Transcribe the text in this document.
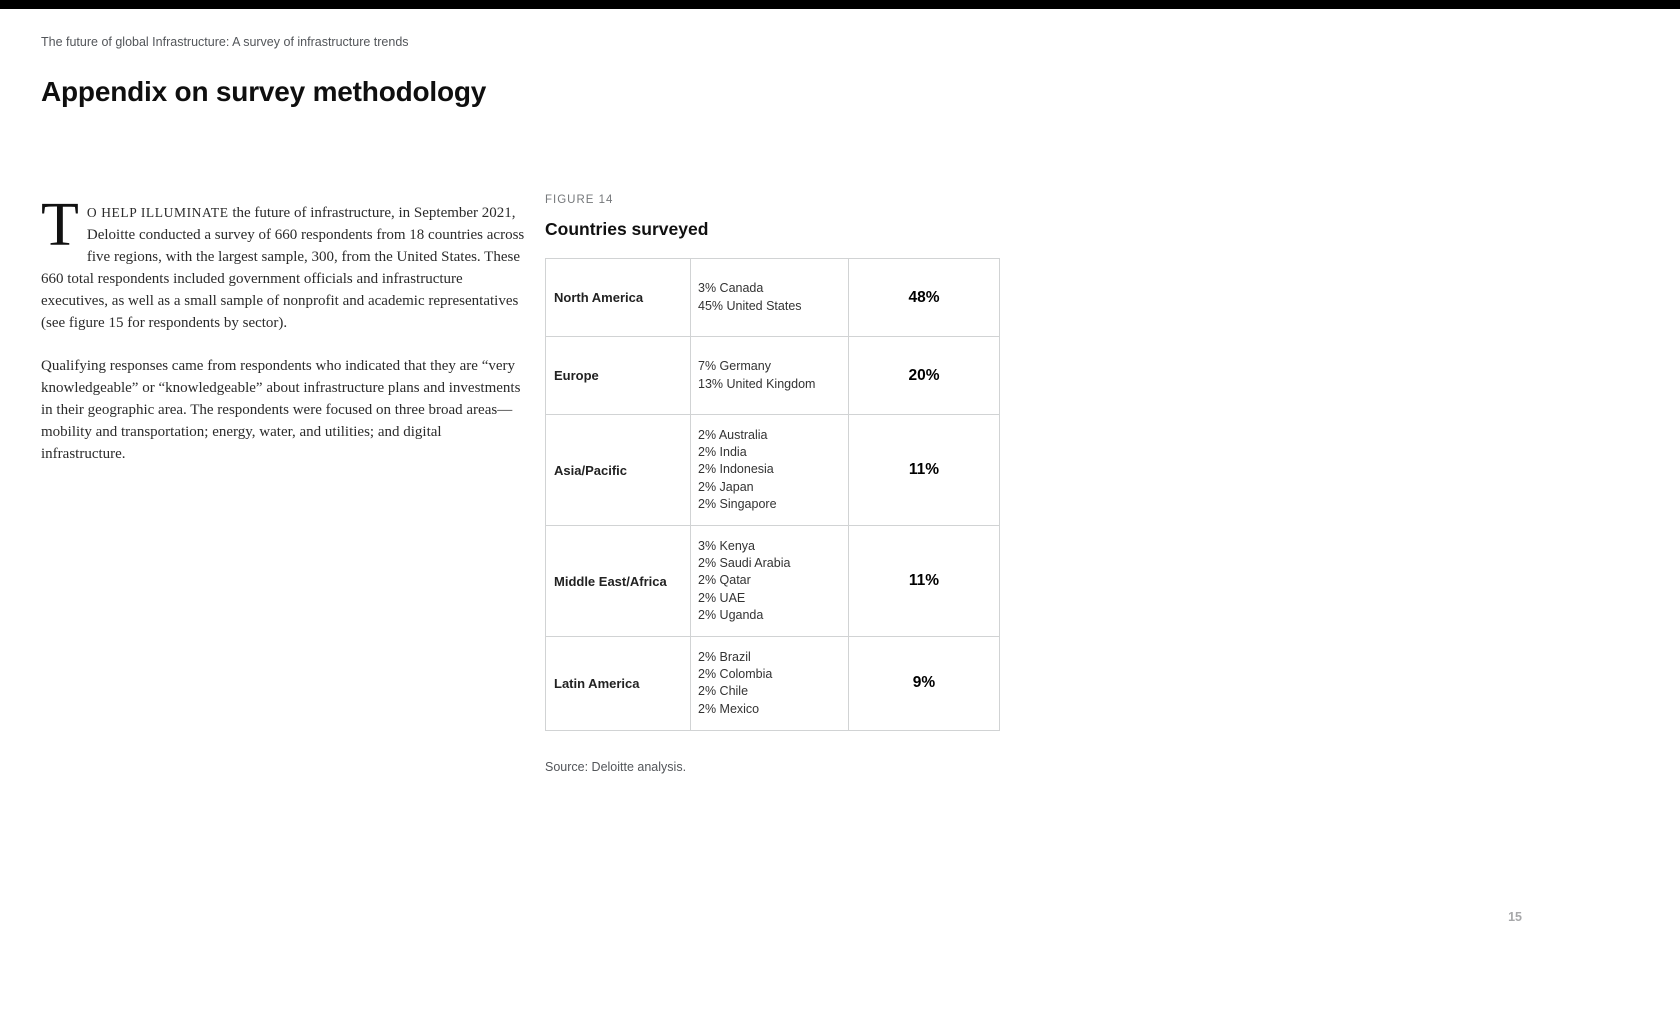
The future of global Infrastructure: A survey of infrastructure trends
Appendix on survey methodology

T O HELP ILLUMINATE the future of infrastructure, in September 2021, Deloitte conducted a survey of 660 respondents from 18 countries across five regions, with the largest sample, 300, from the United States. These 660 total respondents included government officials and infrastructure executives, as well as a small sample of nonprofit and academic representatives (see figure 15 for respondents by sector).

Qualifying responses came from respondents who indicated that they are “very knowledgeable” or “knowledgeable” about infrastructure plans and investments in their geographic area. The respondents were focused on three broad areas—mobility and transportation; energy, water, and utilities; and digital infrastructure.

FIGURE 14
Countries surveyed
North America	3% Canada
45% United States	48%
Europe	7% Germany
13% United Kingdom	20%
Asia/Pacific	2% Australia
2% India
2% Indonesia
2% Japan
2% Singapore	11%
Middle East/Africa	3% Kenya
2% Saudi Arabia
2% Qatar
2% UAE
2% Uganda	11%
Latin America	2% Brazil
2% Colombia
2% Chile
2% Mexico	9%
Source: Deloitte analysis.
15
